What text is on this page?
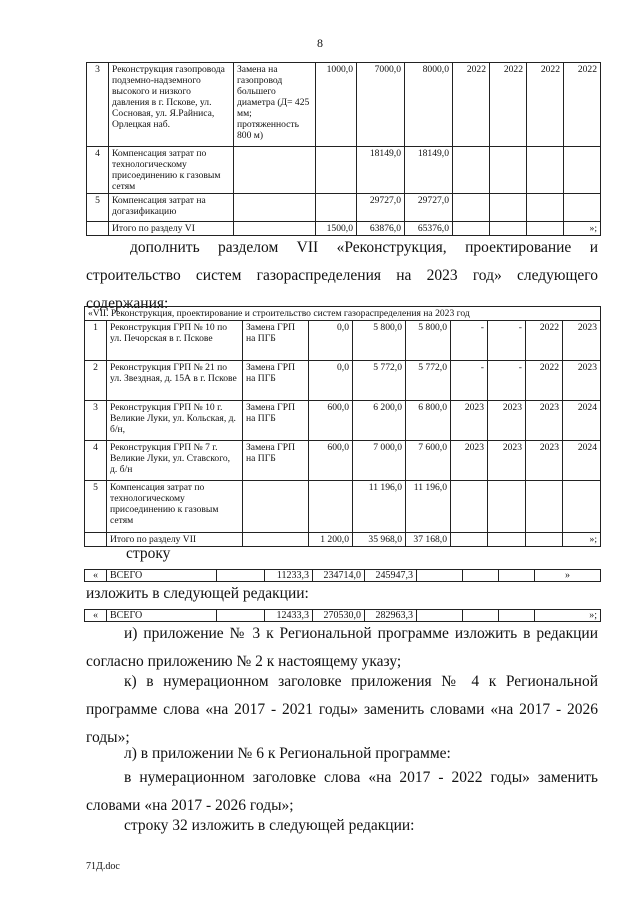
8
3	Реконструкция газопровода подземно-надземного высокого и низкого давления в г. Пскове, ул. Сосновая, ул. Я.Райниса, Орлецкая наб.	Замена на газопровод большего диаметра (Д= 425 мм; протяженность 800 м)	1000,0	7000,0	8000,0	2022	2022	2022	2022
4	Компенсация затрат по технологическому присоединению к газовым сетям			18149,0	18149,0				
5	Компенсация затрат на догазификацию			29727,0	29727,0				
	Итого по разделу VI		1500,0	63876,0	65376,0				»;

дополнить разделом VII «Реконструкция, проектирование и строительство систем газораспределения на 2023 год» следующего содержания:

«VII. Реконструкция, проектирование и строительство систем газораспределения на 2023 год									
1	Реконструкция ГРП № 10 по ул. Печорская в г. Пскове	Замена ГРП на ПГБ	0,0	5 800,0	5 800,0	-	-	2022	2023
2	Реконструкция ГРП № 21 по ул. Звездная, д. 15А в г. Пскове	Замена ГРП на ПГБ	0,0	5 772,0	5 772,0	-	-	2022	2023
3	Реконструкция ГРП № 10 г. Великие Луки, ул. Кольская, д. б/н,	Замена ГРП на ПГБ	600,0	6 200,0	6 800,0	2023	2023	2023	2024
4	Реконструкция ГРП № 7 г. Великие Луки, ул. Ставского, д. б/н	Замена ГРП на ПГБ	600,0	7 000,0	7 600,0	2023	2023	2023	2024
5	Компенсация затрат по технологическому присоединению к газовым сетям			11 196,0	11 196,0				
	Итого по разделу VII		1 200,0	35 968,0	37 168,0				»;

строку

«	ВСЕГО		11233,3	234714,0	245947,3				»

изложить в следующей редакции:

«	ВСЕГО		12433,3	270530,0	282963,3				»;

и) приложение № 3 к Региональной программе изложить в редакции согласно приложению № 2 к настоящему указу;

к) в нумерационном заголовке приложения № 4 к Региональной программе слова «на 2017 - 2021 годы» заменить словами «на 2017 - 2026 годы»;

л) в приложении № 6 к Региональной программе:

в нумерационном заголовке слова «на 2017 - 2022 годы» заменить словами «на 2017 - 2026 годы»;

строку 32 изложить в следующей редакции:

71Д.doc
